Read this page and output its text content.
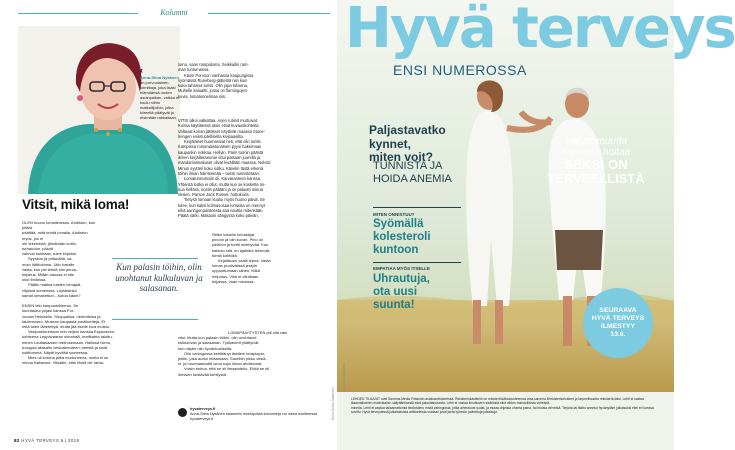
Kolumni
‹
Anna-Stina Nykänen
on porvoolainen toimittaja, joka lisäsi elämäänsä uuden asuinpaikan, vaikka ei kuulu niihin matkailijoihin, jotka kiireellä päätyvät jo etsimään rakkaitaan.
loma, vaan rampaloma. Seikkailin ram-
man tuntumassa.
Kävin Porvoon vanhassa kaupungissa
syömässä Runeberg-jäätelöä niin kuin
kuka tahansa turisti. Olin jopa tulisena,
Muhelle kaluaitti, jossa on flamingojen
kuvia, lomatunnelmaa siis.
VITSI alkoi valkattaa. Arjen rutiinit murtuivat.
Koiraa käyttäessä aloin etsiä kuvauskohteita.
Valtavat koiran jätökset näyttivät maassa Stone-
hengen esiintuotellisella kivipaasilta.
Kerjäläiset huomasivat heti, että olin turisti.
Kampissa romaniaistunatsen pyysi hakemaan
kaupunkin nokkaa. Hellyin. Parin tunnin päästä
ikinen kerjäläisseurue istui patsaan juurella ja
mandariinimakuset olivat levällään maassa. Nolotti.
Minun syytäni koko sotku. Kävelin tästä erkenä
töihin ilman häiritsemää – turisti tunnistetaan.
Lomatunnustoiis oli. Karvaranteen kanssa.
Yhteistä kotka ei ollut, mutta kun se koskette mi-
nua hellästi, nostin päätäni ja se palautti minua
vesien. Parson Jack Russel, hottokoira.
Tietysti lomaan kuului myös huono päivä. Se
tulee, kun kaksi kolmasosaa lomasta on mennyt
eikä auringonpaisteesta saa nauttia mitenkään.
Päätä särki. Makaoin sängyssä koko päivän.
Vitsit, mikä loma!
OLEN huono lomailemaan. Ahdistun, kun pitäisi
päättää, mitä tehdä lomalla. Ahdistun myös, jos ei
ole tekemistä, jämähdän kotiin, turhaudun, päivät
valuvat hukkaan, tulee kiipeksi.
Syyskuu jä pitämättä, sa-
moin hälttolomia. Jäin lomalle
vasta, kun piti tehdä niin perus-
kirjoitus. Miitän haussa ei sits
ollut tiedossa.
Päätin matkia tuisten lomapäi-
vityksiä someessa. Löytäisinkö
samat lomahetkot – kotoa käsin?

ENSIN tein kaupunkikierran. Se
suuntautui pojasi kanssa Por-
voosta Helsinkiin. Shoppailua, herkuttelua ja
taidemuseo. Museon kaupasta postikortteja. Et
mitä tulee lähetettyä, mutta jää itselle kiva muisto.
Vesipuistoreissun tein veljeni kanssa Espooseen,
kohteena Leppävaaran uimahalli, mattkahta taluttu-
minen Lauttasaaren metrosemaan. Hallissä hieno,
trooppia allasalin vesivaikeuteen; metsiä ja sisiä
sotittomma. Näytti hyvältä someessa.
Mies oli kotona jalka murtuneena, mutta ei se
minua haitannut. Vitsailin, ettei tämä ole ranta-
Kun palasin töihin, olin unohtanut kulkuluvan ja salasanan.
Sitten kauniin lomakirjat
pinoon ja olin kuvan. Pino oli
yleltöön ja tuntti mielbyvää. Kun
katsoin sitä, en ajatellut tekemät-
tömiä kotitöitä.
Kirjallisuus vaatii lepoa. Vasta
loman puolivälissä jestyin
uppouttumaan siihen. Mikä
helpotus. Vika ei ollutkaan
kirjoissa, vaan minussa.
LOMAPÄIVITYSTEN piti olla vain
vitsi. Mutta kun palasin töihin, olin unohtanut
kulkuluvan ja salasanan. Työkaverit yllättyivät,
kun näytin niin hyväntuuliselta.
Olin vahingossa kehittänyt itselleni terapiapro-
jektin, joka auttoi relaamaan. Suorittin pikku vitsiä-
ni, ja huomaamattä loma sujui ilman ahdistusta.
Voisin kehua, että se oli ilmastoteko. Ehkä se oli
ihmisen kestävää kehitystä.
hyvaterveys.fi
Anna-Stina Nykänen salanmiin ilmestyvistä kolumneja voi lukea osoitteessa hyvaterveys.fi
82 HYVÄ TERVEYS 6 | 2019
Kuva Jukka Salminen
Hyvä terveys
ENSI NUMEROSSA
Paljastavatko
kynnet,
miten voit?
TUNNISTA JA
HOIDA ANEMIA
MITEN ONNISTUU?
Syömällä
kolesteroli
kuntoon
EMPATIAA MYÖS ITSELLE
Uhrautuja,
ota uusi
suunta!
Haluttomuutta
kannatta hoitaa
SEKSI ON
TERVEELLISTÄ
SEURAAVA
HYVÄ TERVEYS
ILMESTYY
13.6.
Kuva Shutterstock
LEHDEN TILAAJAT ovat Sanoma Media Finlandin asiakasrekisterissä. Rekisterinkäsitteliö on rekisteröiväfoudusteemaa orsa.sanoma.fi/rekisteriselosteet ja tarpeellisuutta rekisteröiväksi. Lehti ei vastaa tilaamattomien materiaalien säilyttämisestä eikä palauttamisesta. Lehti ei vastaa ilmoitusten sisällöstä eikä niiden mahdollisista virheistä.
mineita. Lehti ei vastaa tallaamattomia tiedlotuteto mistä vahingoista, jotka aiheutuvat sudat, ja mutaa ohjeisia ohenta paina- tai muista virheistä. Terjoita tai tilattu annetut hyvänylläm julkaisuksi ellei eri kanssa sovittu. Hyvä terveydessä julkaistavista artikkeleista voidaan jovai jaeta lyönnön painettuja julkaisuja.
